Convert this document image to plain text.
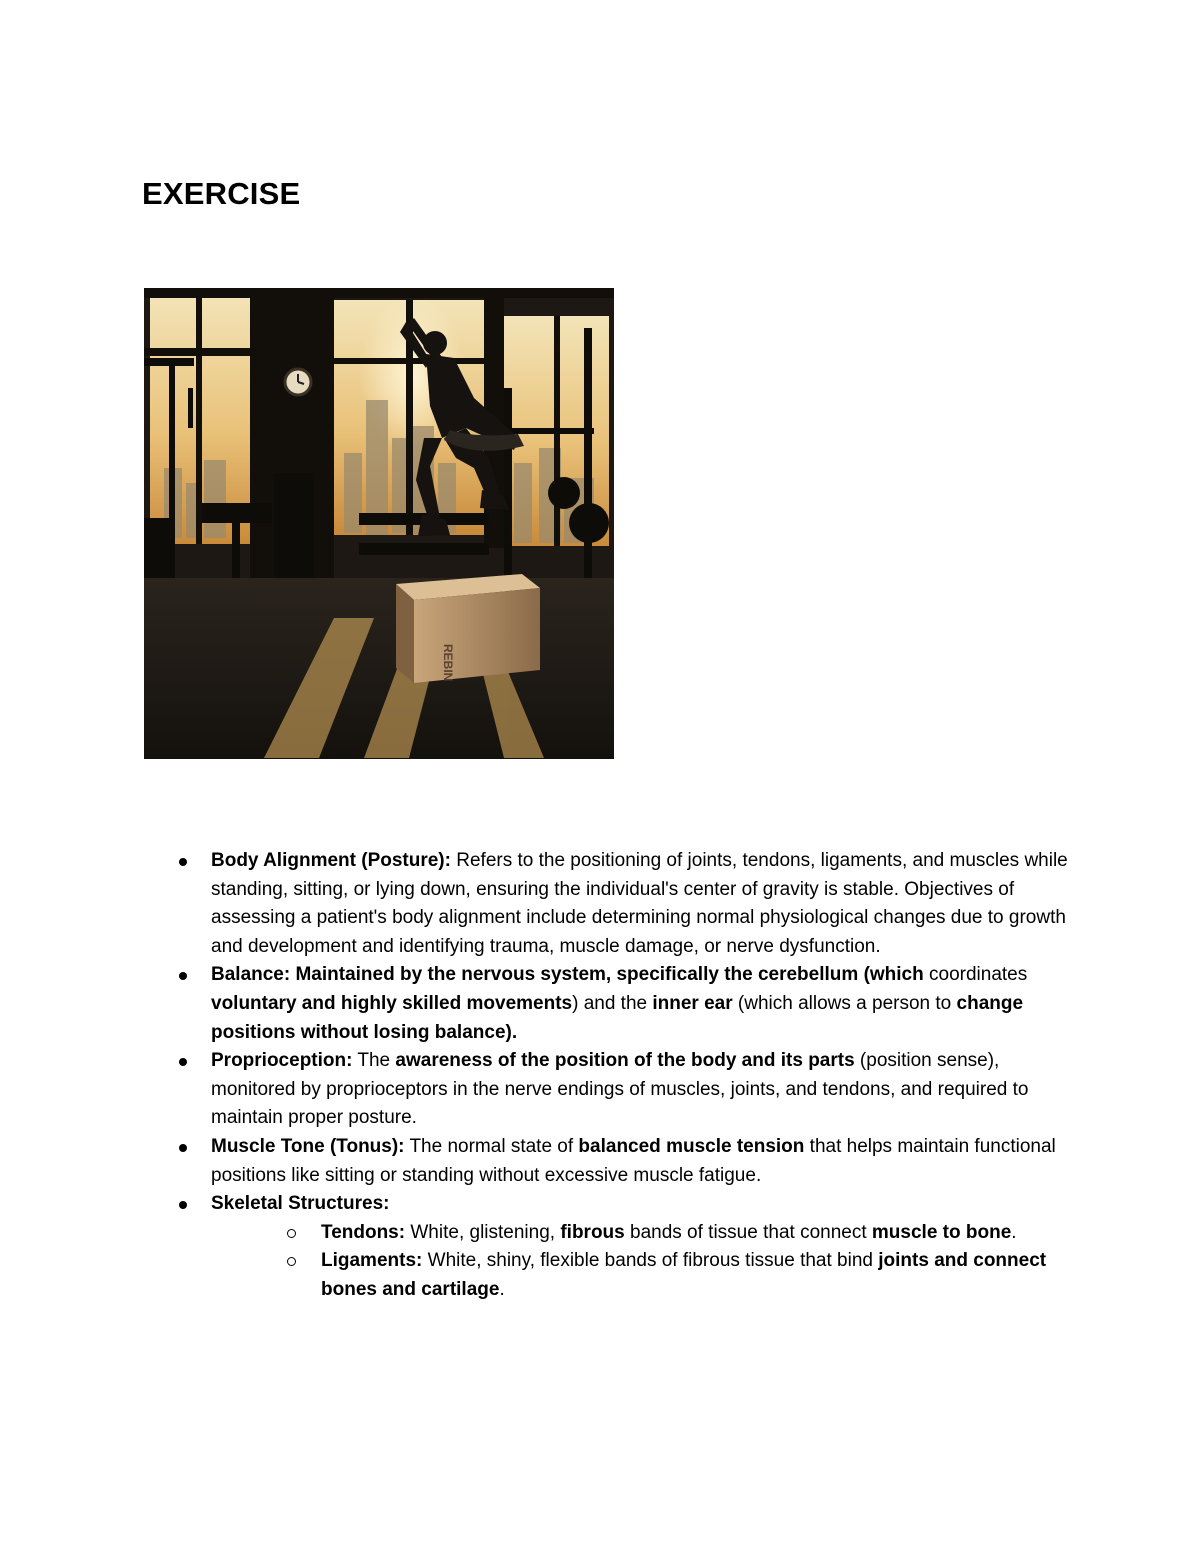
EXERCISE
REBIN
Body Alignment (Posture): Refers to the positioning of joints, tendons, ligaments, and muscles while standing, sitting, or lying down, ensuring the individual's center of gravity is stable. Objectives of assessing a patient's body alignment include determining normal physiological changes due to growth and development and identifying trauma, muscle damage, or nerve dysfunction.
Balance: Maintained by the nervous system, specifically the cerebellum (which coordinates voluntary and highly skilled movements) and the inner ear (which allows a person to change positions without losing balance).
Proprioception: The awareness of the position of the body and its parts (position sense), monitored by proprioceptors in the nerve endings of muscles, joints, and tendons, and required to maintain proper posture.
Muscle Tone (Tonus): The normal state of balanced muscle tension that helps maintain functional positions like sitting or standing without excessive muscle fatigue.
Skeletal Structures:
Tendons: White, glistening, fibrous bands of tissue that connect muscle to bone.
Ligaments: White, shiny, flexible bands of fibrous tissue that bind joints and connect bones and cartilage.
